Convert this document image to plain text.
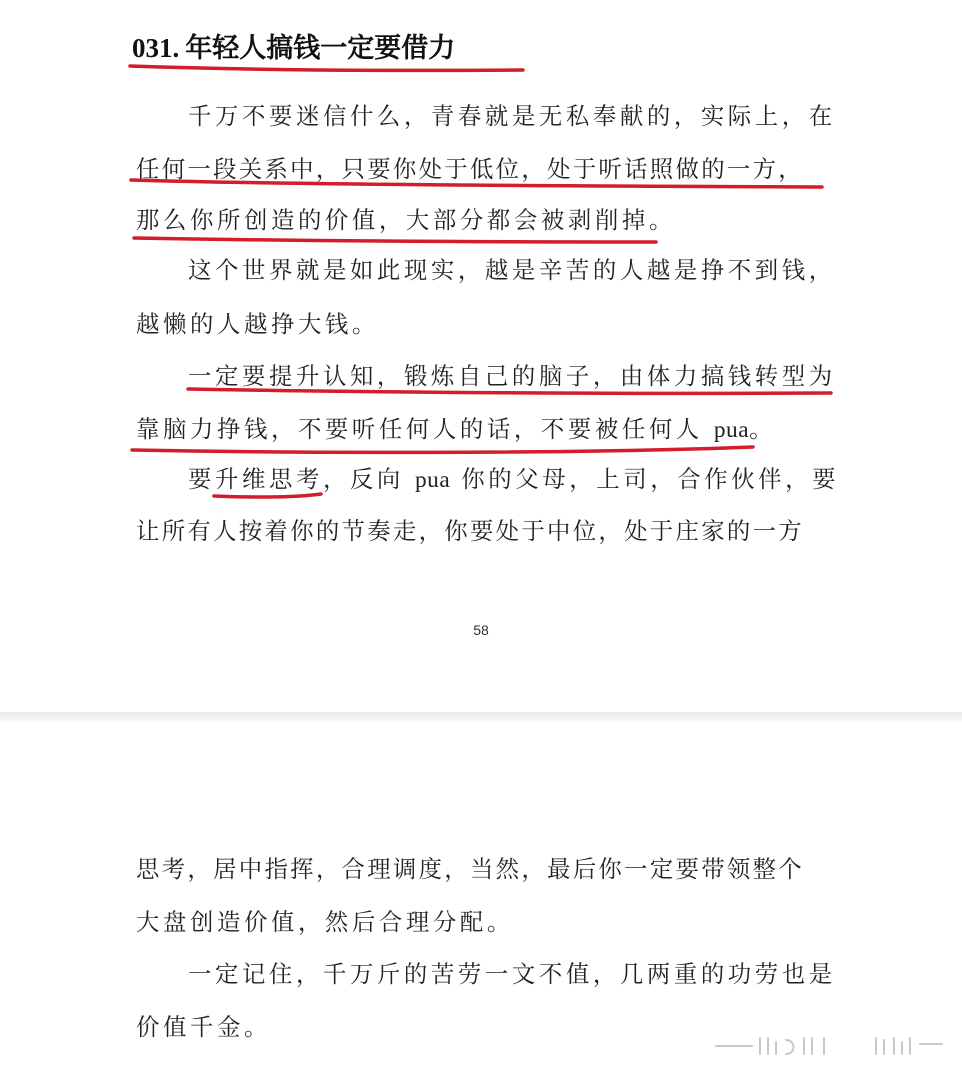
031. 年轻人搞钱一定要借力
千万不要迷信什么，青春就是无私奉献的，实际上，在
任何一段关系中，只要你处于低位，处于听话照做的一方，
那么你所创造的价值，大部分都会被剥削掉。
这个世界就是如此现实，越是辛苦的人越是挣不到钱，
越懒的人越挣大钱。
一定要提升认知，锻炼自己的脑子，由体力搞钱转型为
靠脑力挣钱，不要听任何人的话，不要被任何人 pua。
要升维思考，反向 pua 你的父母，上司，合作伙伴，要
让所有人按着你的节奏走，你要处于中位，处于庄家的一方
58
思考，居中指挥，合理调度，当然，最后你一定要带领整个
大盘创造价值，然后合理分配。
一定记住，千万斤的苦劳一文不值，几两重的功劳也是
价值千金。
